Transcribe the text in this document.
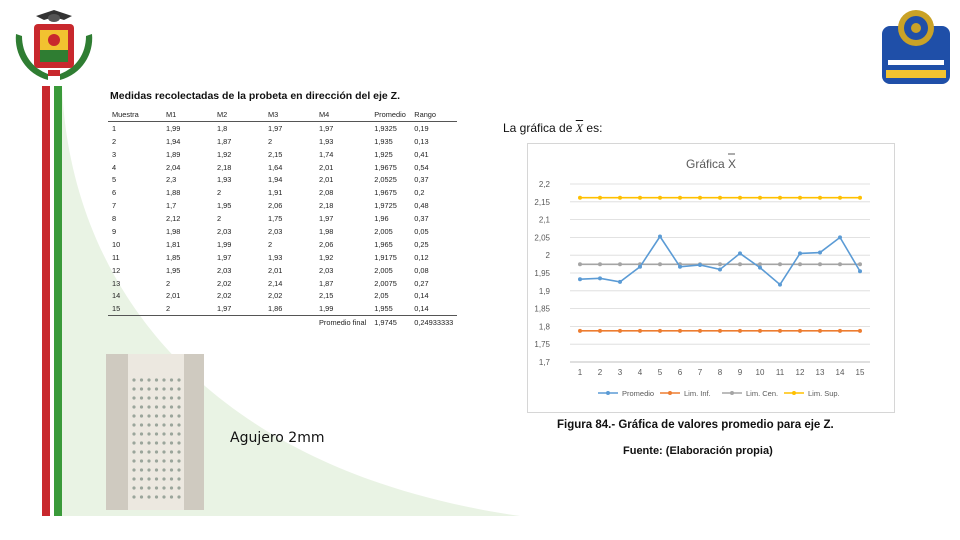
Medidas recolectadas de la probeta en dirección del eje Z.
Muestra	M1	M2	M3	M4	Promedio	Rango
1	1,99	1,8	1,97	1,97	1,9325	0,19
2	1,94	1,87	2	1,93	1,935	0,13
3	1,89	1,92	2,15	1,74	1,925	0,41
4	2,04	2,18	1,64	2,01	1,9675	0,54
5	2,3	1,93	1,94	2,01	2,0525	0,37
6	1,88	2	1,91	2,08	1,9675	0,2
7	1,7	1,95	2,06	2,18	1,9725	0,48
8	2,12	2	1,75	1,97	1,96	0,37
9	1,98	2,03	2,03	1,98	2,005	0,05
10	1,81	1,99	2	2,06	1,965	0,25
11	1,85	1,97	1,93	1,92	1,9175	0,12
12	1,95	2,03	2,01	2,03	2,005	0,08
13	2	2,02	2,14	1,87	2,0075	0,27
14	2,01	2,02	2,02	2,15	2,05	0,14
15	2	1,97	1,86	1,99	1,955	0,14
				Promedio final	1,9745	0,24933333
Agujero 2mm
La gráfica de $\overline{X}$ es:
Gráfica X
1,7
1,75
1,8
1,85
1,9
1,95
2
2,05
2,1
2,15
2,2
1 2 3 4 5 6 7 8 9 10 11 12 13 14 15
Promedio	Lim. Inf.	Lim. Cen.	Lim. Sup.
Figura 84.- Gráfica de valores promedio para eje Z.
Fuente: (Elaboración propia)
